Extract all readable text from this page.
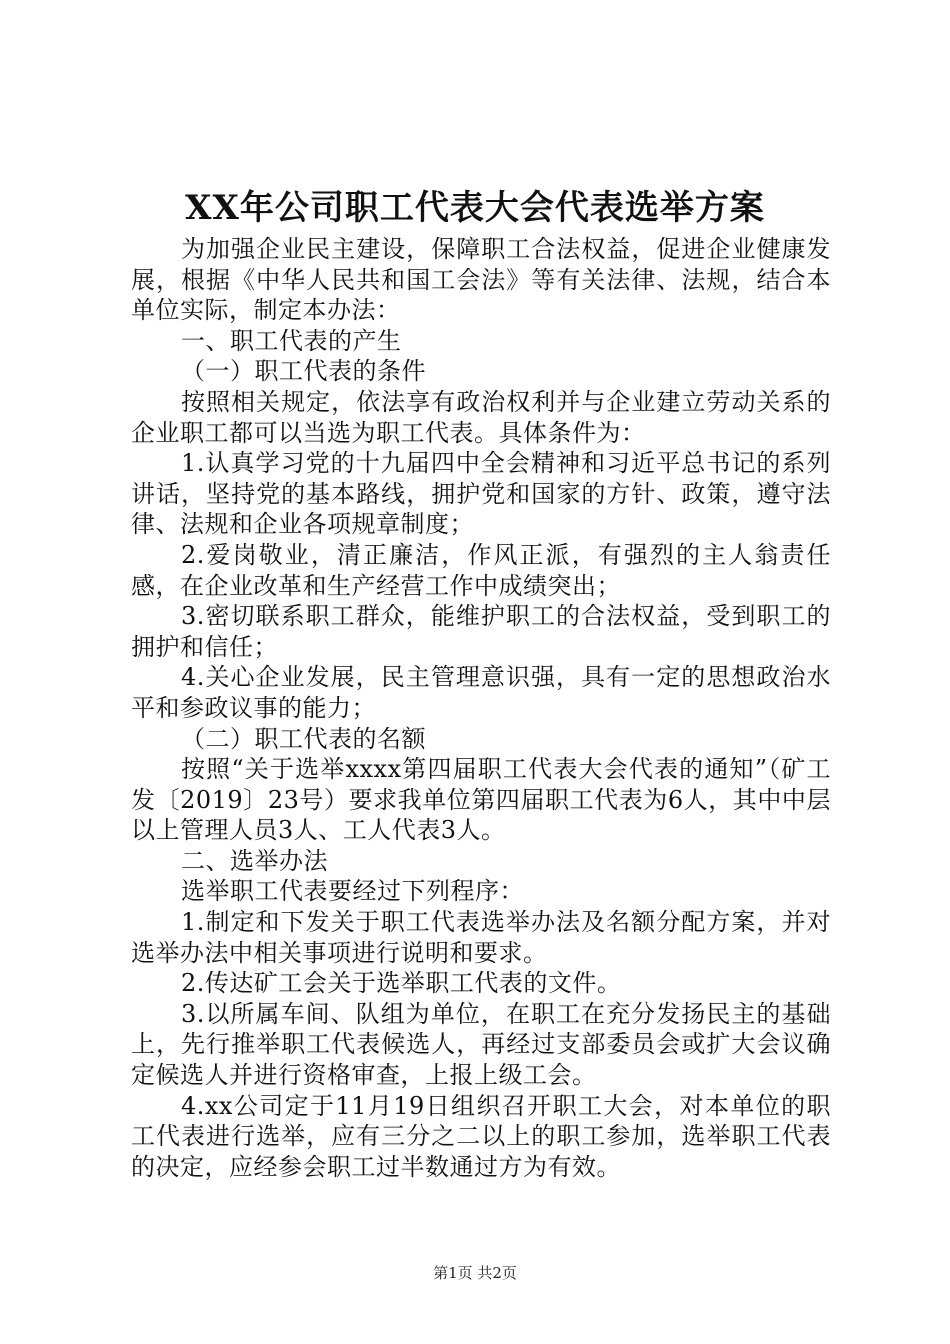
XX年公司职工代表大会代表选举方案

为加强企业民主建设，保障职工合法权益，促进企业健康发展，根据《中华人民共和国工会法》等有关法律、法规，结合本单位实际，制定本办法：

一、职工代表的产生

（一）职工代表的条件

按照相关规定，依法享有政治权利并与企业建立劳动关系的企业职工都可以当选为职工代表。具体条件为：

1.认真学习党的十九届四中全会精神和习近平总书记的系列讲话，坚持党的基本路线，拥护党和国家的方针、政策，遵守法律、法规和企业各项规章制度；

2.爱岗敬业，清正廉洁，作风正派，有强烈的主人翁责任感，在企业改革和生产经营工作中成绩突出；

3.密切联系职工群众，能维护职工的合法权益，受到职工的拥护和信任；

4.关心企业发展，民主管理意识强，具有一定的思想政治水平和参政议事的能力；

（二）职工代表的名额

按照“关于选举xxxx第四届职工代表大会代表的通知”（矿工发〔2019〕23号）要求我单位第四届职工代表为6人，其中中层以上管理人员3人、工人代表3人。

二、选举办法

选举职工代表要经过下列程序：

1.制定和下发关于职工代表选举办法及名额分配方案，并对选举办法中相关事项进行说明和要求。

2.传达矿工会关于选举职工代表的文件。

3.以所属车间、队组为单位，在职工在充分发扬民主的基础上，先行推举职工代表候选人，再经过支部委员会或扩大会议确定候选人并进行资格审查，上报上级工会。

4.xx公司定于11月19日组织召开职工大会，对本单位的职工代表进行选举，应有三分之二以上的职工参加，选举职工代表的决定，应经参会职工过半数通过方为有效。

第1页 共2页
